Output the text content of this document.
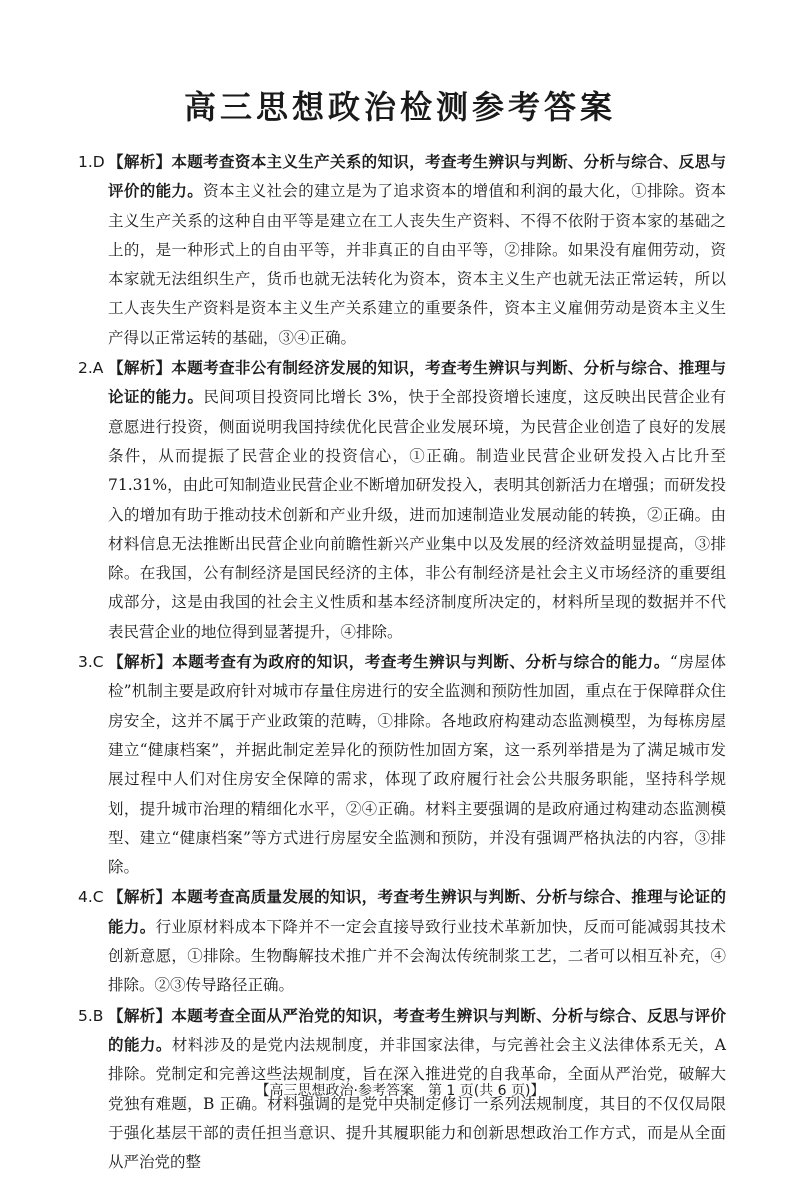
高三思想政治检测参考答案

1.D 【解析】本题考查资本主义生产关系的知识，考查考生辨识与判断、分析与综合、反思与评价的能力。资本主义社会的建立是为了追求资本的增值和利润的最大化，①排除。资本主义生产关系的这种自由平等是建立在工人丧失生产资料、不得不依附于资本家的基础之上的，是一种形式上的自由平等，并非真正的自由平等，②排除。如果没有雇佣劳动，资本家就无法组织生产，货币也就无法转化为资本，资本主义生产也就无法正常运转，所以工人丧失生产资料是资本主义生产关系建立的重要条件，资本主义雇佣劳动是资本主义生产得以正常运转的基础，③④正确。

2.A 【解析】本题考查非公有制经济发展的知识，考查考生辨识与判断、分析与综合、推理与论证的能力。民间项目投资同比增长 3%，快于全部投资增长速度，这反映出民营企业有意愿进行投资，侧面说明我国持续优化民营企业发展环境，为民营企业创造了良好的发展条件，从而提振了民营企业的投资信心，①正确。制造业民营企业研发投入占比升至 71.31%，由此可知制造业民营企业不断增加研发投入，表明其创新活力在增强；而研发投入的增加有助于推动技术创新和产业升级，进而加速制造业发展动能的转换，②正确。由材料信息无法推断出民营企业向前瞻性新兴产业集中以及发展的经济效益明显提高，③排除。在我国，公有制经济是国民经济的主体，非公有制经济是社会主义市场经济的重要组成部分，这是由我国的社会主义性质和基本经济制度所决定的，材料所呈现的数据并不代表民营企业的地位得到显著提升，④排除。

3.C 【解析】本题考查有为政府的知识，考查考生辨识与判断、分析与综合的能力。“房屋体检”机制主要是政府针对城市存量住房进行的安全监测和预防性加固，重点在于保障群众住房安全，这并不属于产业政策的范畴，①排除。各地政府构建动态监测模型，为每栋房屋建立“健康档案”，并据此制定差异化的预防性加固方案，这一系列举措是为了满足城市发展过程中人们对住房安全保障的需求，体现了政府履行社会公共服务职能，坚持科学规划，提升城市治理的精细化水平，②④正确。材料主要强调的是政府通过构建动态监测模型、建立“健康档案”等方式进行房屋安全监测和预防，并没有强调严格执法的内容，③排除。

4.C 【解析】本题考查高质量发展的知识，考查考生辨识与判断、分析与综合、推理与论证的能力。行业原材料成本下降并不一定会直接导致行业技术革新加快，反而可能减弱其技术创新意愿，①排除。生物酶解技术推广并不会淘汰传统制浆工艺，二者可以相互补充，④排除。②③传导路径正确。

5.B 【解析】本题考查全面从严治党的知识，考查考生辨识与判断、分析与综合、反思与评价的能力。材料涉及的是党内法规制度，并非国家法律，与完善社会主义法律体系无关，A 排除。党制定和完善这些法规制度，旨在深入推进党的自我革命，全面从严治党，破解大党独有难题，B 正确。材料强调的是党中央制定修订一系列法规制度，其目的不仅仅局限于强化基层干部的责任担当意识、提升其履职能力和创新思想政治工作方式，而是从全面从严治党的整

【高三思想政治·参考答案　第 1 页(共 6 页)】
